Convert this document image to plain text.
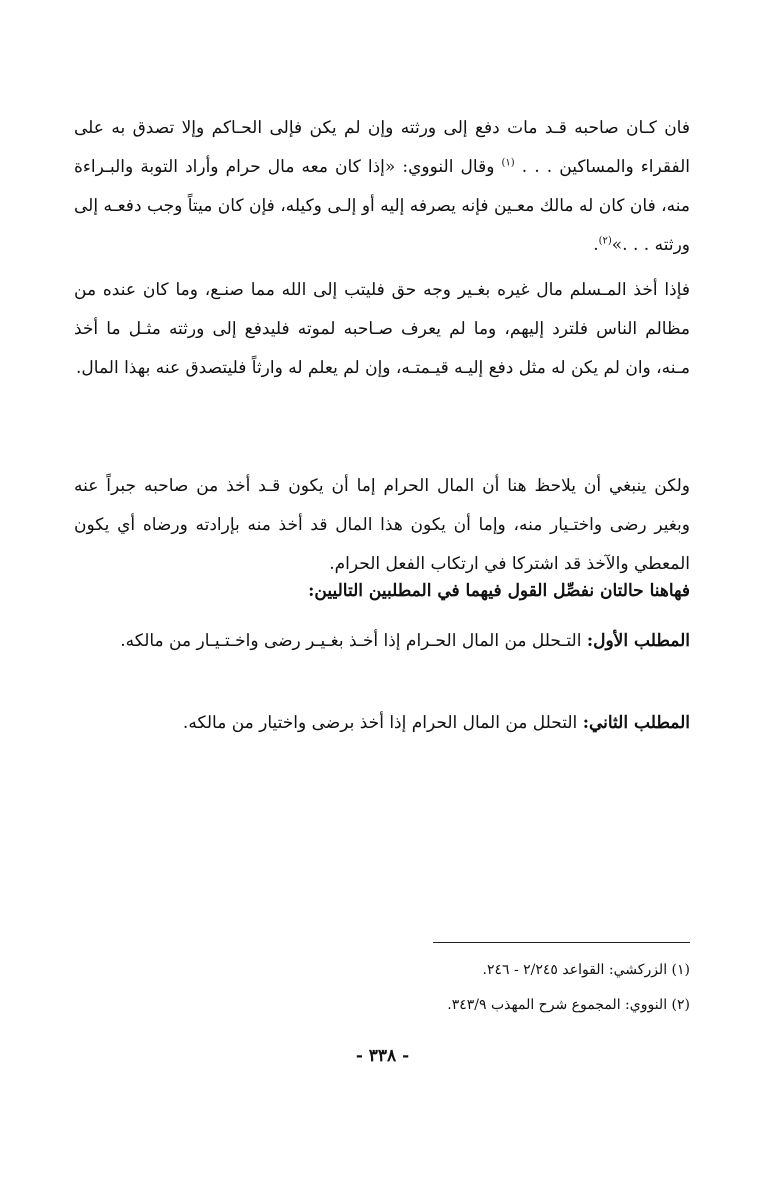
فان كـان صاحبه قـد مات دفع إلى ورثته وإن لم يكن فإلى الحـاكم وإلا تصدق به على الفقراء والمساكين . . . $^{(١)}$ وقال النووي: «إذا كان معه مال حرام وأراد التوبة والبـراءة منه، فان كان له مالك معـين فإنه يصرفه إليه أو إلـى وكيله، فإن كان ميتاً وجب دفعـه إلى ورثته . . .»$^{(٢)}$.
فإذا أخذ المـسلم مال غيره بغـير وجه حق فليتب إلى الله مما صنـع، وما كان عنده من مظالم الناس فلترد إليهم، وما لم يعرف صـاحبه لموته فليدفع إلى ورثته مثـل ما أخذ مـنه، وان لم يكن له مثل دفع إليـه قيـمتـه، وإن لم يعلم له وارثاً فليتصدق عنه بهذا المال.
ولكن ينبغي أن يلاحظ هنا أن المال الحرام إما أن يكون قـد أخذ من صاحبه جبراً عنه وبغير رضى واختـيار منه، وإما أن يكون هذا المال قد أخذ منه بإرادته ورضاه أي يكون المعطي والآخذ قد اشتركا في ارتكاب الفعل الحرام.
فهاهنا حالتان نفصِّل القول فيهما في المطلبين التاليين:
المطلب الأول: التـحلل من المال الحـرام إذا أخـذ بغـيـر رضى واخـتـيـار من مالكه.
المطلب الثاني: التحلل من المال الحرام إذا أخذ برضى واختيار من مالكه.
(١) الزركشي: القواعد ٢/٢٤٥ - ٢٤٦.
(٢) النووي: المجموع شرح المهذب ٣٤٣/٩.
- ٣٣٨ -
